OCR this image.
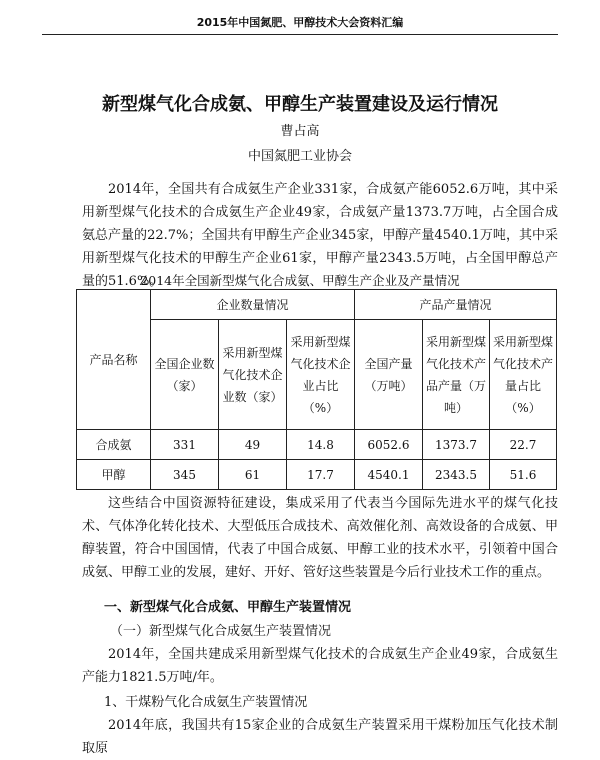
2015年中国氮肥、甲醇技术大会资料汇编
新型煤气化合成氨、甲醇生产装置建设及运行情况
曹占高
中国氮肥工业协会

2014年，全国共有合成氨生产企业331家，合成氨产能6052.6万吨，其中采用新型煤气化技术的合成氨生产企业49家，合成氨产量1373.7万吨，占全国合成氨总产量的22.7%；全国共有甲醇生产企业345家，甲醇产量4540.1万吨，其中采用新型煤气化技术的甲醇生产企业61家，甲醇产量2343.5万吨，占全国甲醇总产量的51.6%。

2014年全国新型煤气化合成氨、甲醇生产企业及产量情况
产品名称	企业数量情况			产品产量情况		
	全国企业数（家）	采用新型煤气化技术企业数（家）	采用新型煤气化技术企业占比（%）	全国产量（万吨）	采用新型煤气化技术产品产量（万吨）	采用新型煤气化技术产量占比（%）
合成氨	331	49	14.8	6052.6	1373.7	22.7
甲醇	345	61	17.7	4540.1	2343.5	51.6

这些结合中国资源特征建设，集成采用了代表当今国际先进水平的煤气化技术、气体净化转化技术、大型低压合成技术、高效催化剂、高效设备的合成氨、甲醇装置，符合中国国情，代表了中国合成氨、甲醇工业的技术水平，引领着中国合成氨、甲醇工业的发展，建好、开好、管好这些装置是今后行业技术工作的重点。

一、新型煤气化合成氨、甲醇生产装置情况
（一）新型煤气化合成氨生产装置情况

2014年，全国共建成采用新型煤气化技术的合成氨生产企业49家，合成氨生产能力1821.5万吨/年。

1、干煤粉气化合成氨生产装置情况

2014年底，我国共有15家企业的合成氨生产装置采用干煤粉加压气化技术制取原
